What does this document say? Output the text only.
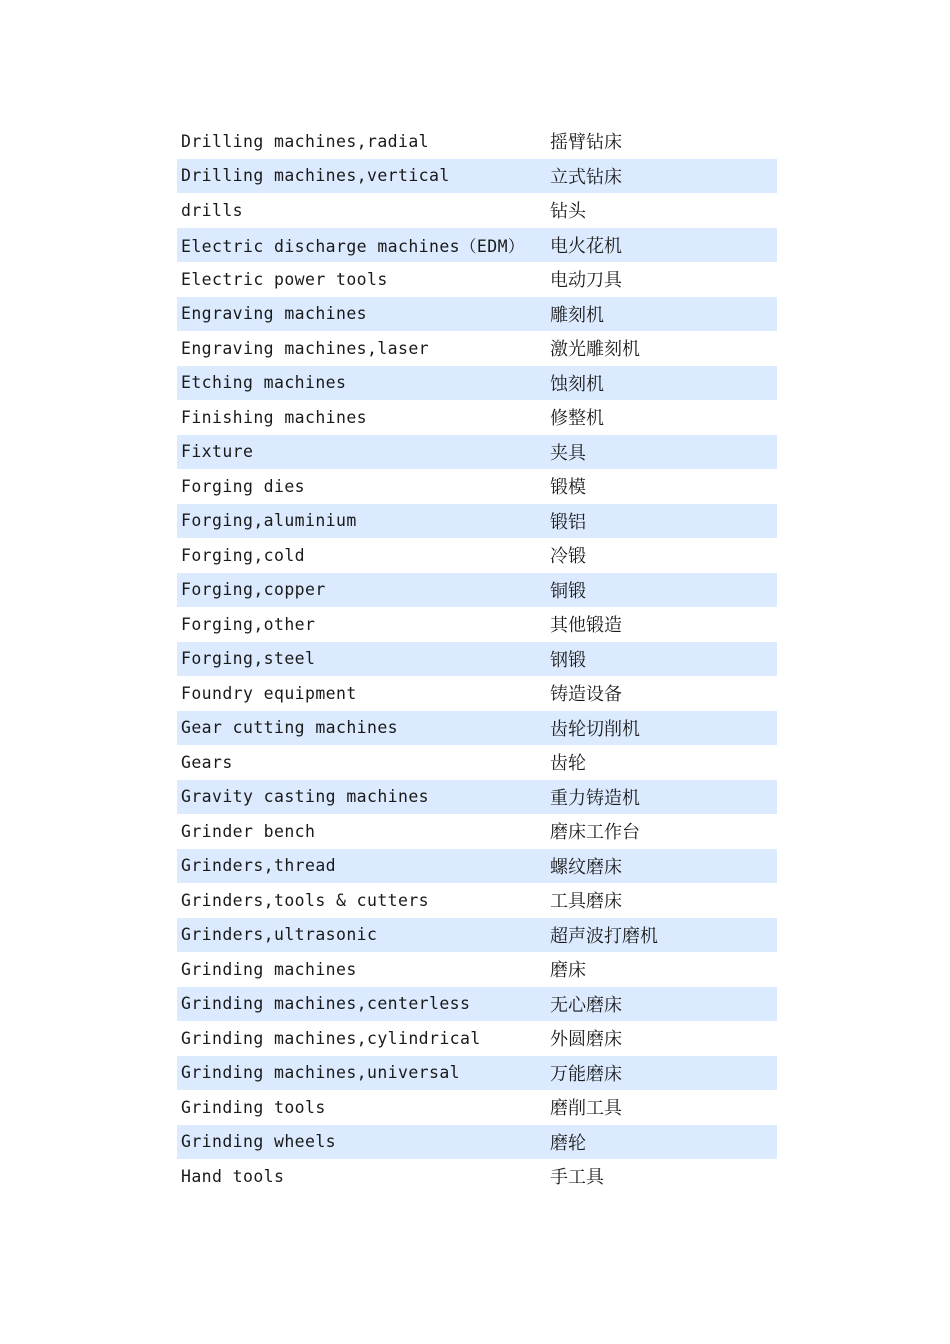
Drilling machines,radial	摇臂钻床
Drilling machines,vertical	立式钻床
drills	钻头
Electric discharge machines（EDM）	电火花机
Electric power tools	电动刀具
Engraving machines	雕刻机
Engraving machines,laser	激光雕刻机
Etching machines	蚀刻机
Finishing machines	修整机
Fixture	夹具
Forging dies	锻模
Forging,aluminium	锻铝
Forging,cold	冷锻
Forging,copper	铜锻
Forging,other	其他锻造
Forging,steel	钢锻
Foundry equipment	铸造设备
Gear cutting machines	齿轮切削机
Gears	齿轮
Gravity casting machines	重力铸造机
Grinder bench	磨床工作台
Grinders,thread	螺纹磨床
Grinders,tools & cutters	工具磨床
Grinders,ultrasonic	超声波打磨机
Grinding machines	磨床
Grinding machines,centerless	无心磨床
Grinding machines,cylindrical	外圆磨床
Grinding machines,universal	万能磨床
Grinding tools	磨削工具
Grinding wheels	磨轮
Hand tools	手工具
